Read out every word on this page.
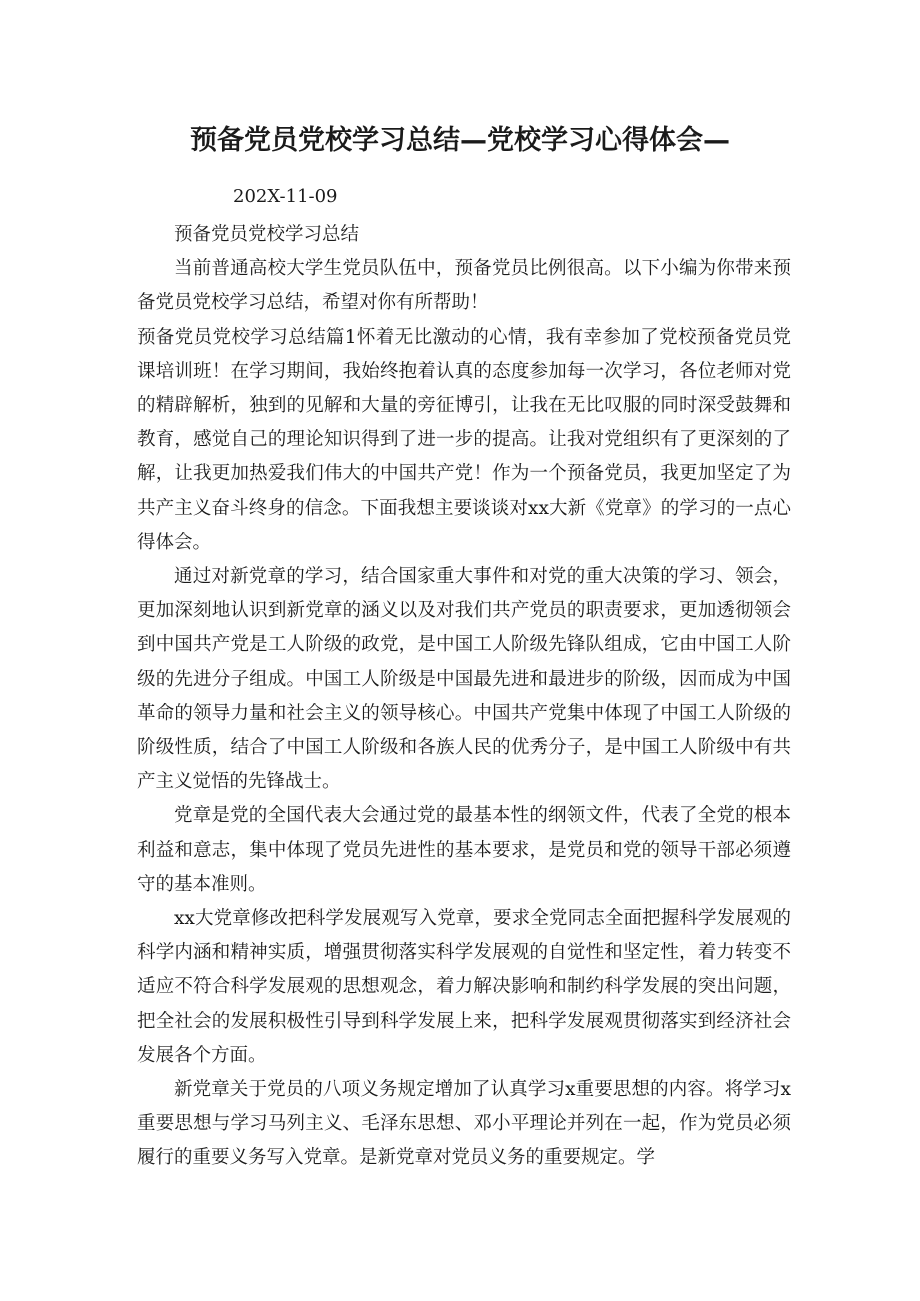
预备党员党校学习总结—党校学习心得体会—

202X-11-09

预备党员党校学习总结

当前普通高校大学生党员队伍中，预备党员比例很高。以下小编为你带来预备党员党校学习总结，希望对你有所帮助！

预备党员党校学习总结篇1怀着无比激动的心情，我有幸参加了党校预备党员党课培训班！在学习期间，我始终抱着认真的态度参加每一次学习，各位老师对党的精辟解析，独到的见解和大量的旁征博引，让我在无比叹服的同时深受鼓舞和教育，感觉自己的理论知识得到了进一步的提高。让我对党组织有了更深刻的了解，让我更加热爱我们伟大的中国共产党！作为一个预备党员，我更加坚定了为共产主义奋斗终身的信念。下面我想主要谈谈对xx大新《党章》的学习的一点心得体会。

通过对新党章的学习，结合国家重大事件和对党的重大决策的学习、领会，更加深刻地认识到新党章的涵义以及对我们共产党员的职责要求，更加透彻领会到中国共产党是工人阶级的政党，是中国工人阶级先锋队组成，它由中国工人阶级的先进分子组成。中国工人阶级是中国最先进和最进步的阶级，因而成为中国革命的领导力量和社会主义的领导核心。中国共产党集中体现了中国工人阶级的阶级性质，结合了中国工人阶级和各族人民的优秀分子，是中国工人阶级中有共产主义觉悟的先锋战士。

党章是党的全国代表大会通过党的最基本性的纲领文件，代表了全党的根本利益和意志，集中体现了党员先进性的基本要求，是党员和党的领导干部必须遵守的基本准则。

xx大党章修改把科学发展观写入党章，要求全党同志全面把握科学发展观的科学内涵和精神实质，增强贯彻落实科学发展观的自觉性和坚定性，着力转变不适应不符合科学发展观的思想观念，着力解决影响和制约科学发展的突出问题，把全社会的发展积极性引导到科学发展上来，把科学发展观贯彻落实到经济社会发展各个方面。

新党章关于党员的八项义务规定增加了认真学习x重要思想的内容。将学习x重要思想与学习马列主义、毛泽东思想、邓小平理论并列在一起，作为党员必须履行的重要义务写入党章。是新党章对党员义务的重要规定。学
